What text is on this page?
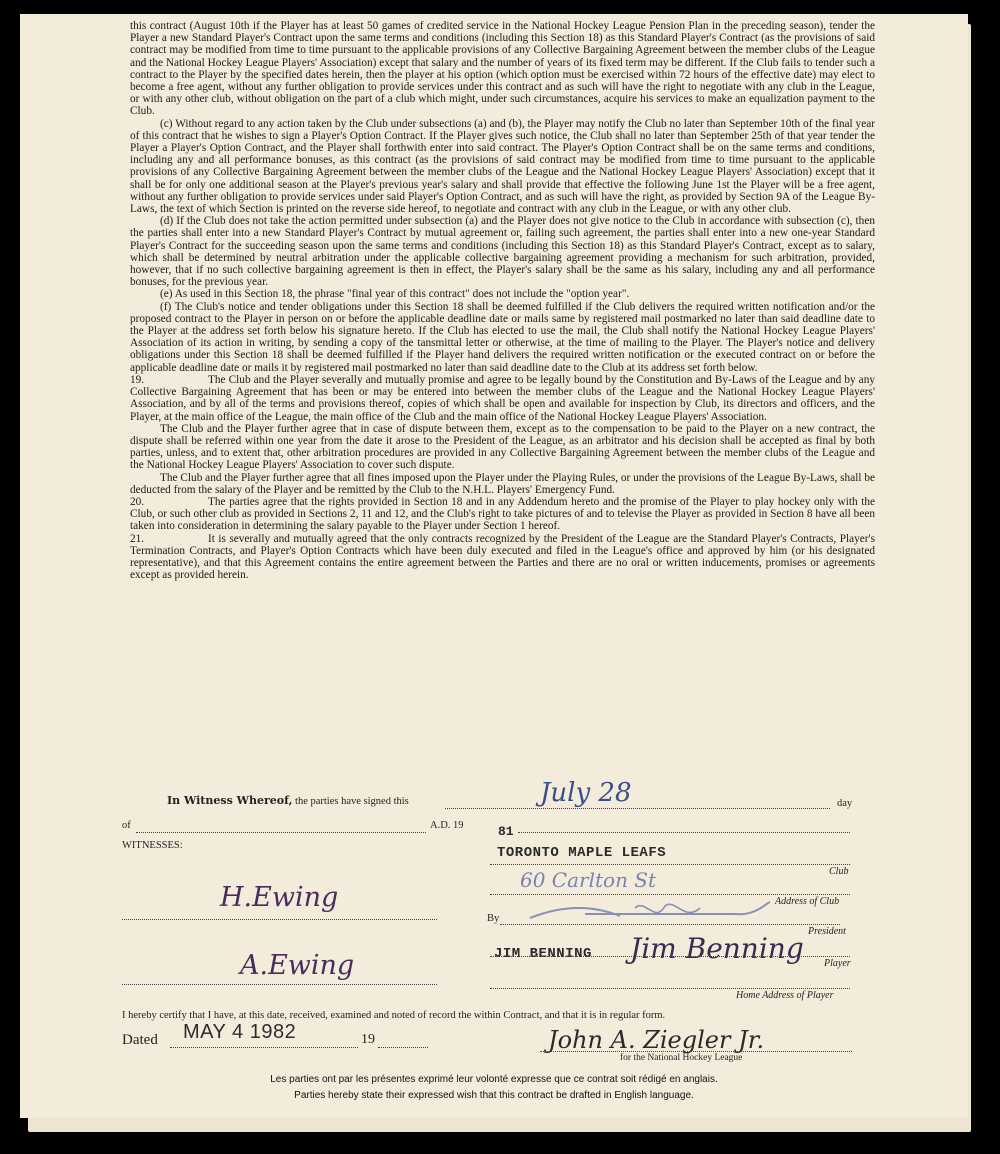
this contract (August 10th if the Player has at least 50 games of credited service in the National Hockey League Pension Plan in the preceding season), tender the Player a new Standard Player's Contract upon the same terms and conditions (including this Section 18) as this Standard Player's Contract (as the provisions of said contract may be modified from time to time pursuant to the applicable provisions of any Collective Bargaining Agreement between the member clubs of the League and the National Hockey League Players' Association) except that salary and the number of years of its fixed term may be different. If the Club fails to tender such a contract to the Player by the specified dates herein, then the player at his option (which option must be exercised within 72 hours of the effective date) may elect to become a free agent, without any further obligation to provide services under this contract and as such will have the right to negotiate with any club in the League, or with any other club, without obligation on the part of a club which might, under such circumstances, acquire his services to make an equalization payment to the Club.

(c) Without regard to any action taken by the Club under subsections (a) and (b), the Player may notify the Club no later than September 10th of the final year of this contract that he wishes to sign a Player's Option Contract. If the Player gives such notice, the Club shall no later than September 25th of that year tender the Player a Player's Option Contract, and the Player shall forthwith enter into said contract. The Player's Option Contract shall be on the same terms and conditions, including any and all performance bonuses, as this contract (as the provisions of said contract may be modified from time to time pursuant to the applicable provisions of any Collective Bargaining Agreement between the member clubs of the League and the National Hockey League Players' Association) except that it shall be for only one additional season at the Player's previous year's salary and shall provide that effective the following June 1st the Player will be a free agent, without any further obligation to provide services under said Player's Option Contract, and as such will have the right, as provided by Section 9A of the League By-Laws, the text of which Section is printed on the reverse side hereof, to negotiate and contract with any club in the League, or with any other club.

(d) If the Club does not take the action permitted under subsection (a) and the Player does not give notice to the Club in accordance with subsection (c), then the parties shall enter into a new Standard Player's Contract by mutual agreement or, failing such agreement, the parties shall enter into a new one-year Standard Player's Contract for the succeeding season upon the same terms and conditions (including this Section 18) as this Standard Player's Contract, except as to salary, which shall be determined by neutral arbitration under the applicable collective bargaining agreement providing a mechanism for such arbitration, provided, however, that if no such collective bargaining agreement is then in effect, the Player's salary shall be the same as his salary, including any and all performance bonuses, for the previous year.

(e) As used in this Section 18, the phrase "final year of this contract" does not include the "option year".

(f) The Club's notice and tender obligations under this Section 18 shall be deemed fulfilled if the Club delivers the required written notification and/or the proposed contract to the Player in person on or before the applicable deadline date or mails same by registered mail postmarked no later than said deadline date to the Player at the address set forth below his signature hereto. If the Club has elected to use the mail, the Club shall notify the National Hockey League Players' Association of its action in writing, by sending a copy of the tansmittal letter or otherwise, at the time of mailing to the Player. The Player's notice and delivery obligations under this Section 18 shall be deemed fulfilled if the Player hand delivers the required written notification or the executed contract on or before the applicable deadline date or mails it by registered mail postmarked no later than said deadline date to the Club at its address set forth below.

19.	The Club and the Player severally and mutually promise and agree to be legally bound by the Constitution and By-Laws of the League and by any Collective Bargaining Agreement that has been or may be entered into between the member clubs of the League and the National Hockey League Players' Association, and by all of the terms and provisions thereof, copies of which shall be open and available for inspection by Club, its directors and officers, and the Player, at the main office of the League, the main office of the Club and the main office of the National Hockey League Players' Association.

The Club and the Player further agree that in case of dispute between them, except as to the compensation to be paid to the Player on a new contract, the dispute shall be referred within one year from the date it arose to the President of the League, as an arbitrator and his decision shall be accepted as final by both parties, unless, and to extent that, other arbitration procedures are provided in any Collective Bargaining Agreement between the member clubs of the League and the National Hockey League Players' Association to cover such dispute.

The Club and the Player further agree that all fines imposed upon the Player under the Playing Rules, or under the provisions of the League By-Laws, shall be deducted from the salary of the Player and be remitted by the Club to the N.H.L. Players' Emergency Fund.

20.	The parties agree that the rights provided in Section 18 and in any Addendum hereto and the promise of the Player to play hockey only with the Club, or such other club as provided in Sections 2, 11 and 12, and the Club's right to take pictures of and to televise the Player as provided in Section 8 have all been taken into consideration in determining the salary payable to the Player under Section 1 hereof.

21.	It is severally and mutually agreed that the only contracts recognized by the President of the League are the Standard Player's Contracts, Player's Termination Contracts, and Player's Option Contracts which have been duly executed and filed in the League's office and approved by him (or his designated representative), and that this Agreement contains the entire agreement between the Parties and there are no oral or written inducements, promises or agreements except as provided herein.

In Witness Whereof, the parties have signed this	July 28	day
of	A.D. 19	81
WITNESSES:	TORONTO MAPLE LEAFS
Club
60 Carlton St
Address of Club
H.Ewing
By
President
JIM BENNING Jim Benning Player
A.Ewing
Home Address of Player
I hereby certify that I have, at this date, received, examined and noted of record the within Contract, and that it is in regular form.
Dated MAY 4 1982	19	John A. Ziegler Jr.
for the National Hockey League
Les parties ont par les présentes exprimé leur volonté expresse que ce contrat soit rédigé en anglais.
Parties hereby state their expressed wish that this contract be drafted in English language.
